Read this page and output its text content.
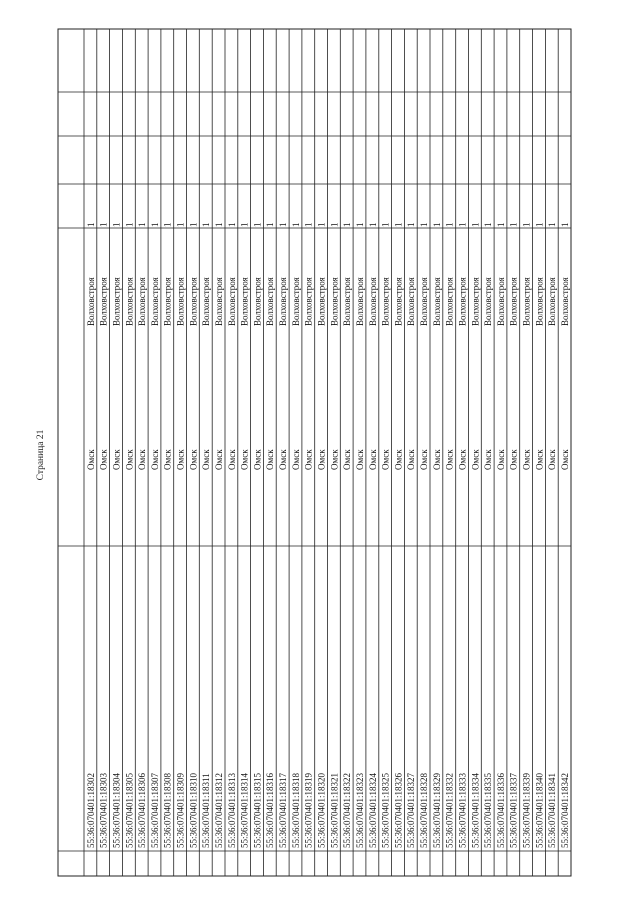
Страница 21
55:36:070401:18302
Омск
Волховстроя
1
55:36:070401:18303
Омск
Волховстроя
1
55:36:070401:18304
Омск
Волховстроя
1
55:36:070401:18305
Омск
Волховстроя
1
55:36:070401:18306
Омск
Волховстроя
1
55:36:070401:18307
Омск
Волховстроя
1
55:36:070401:18308
Омск
Волховстроя
1
55:36:070401:18309
Омск
Волховстроя
1
55:36:070401:18310
Омск
Волховстроя
1
55:36:070401:18311
Омск
Волховстроя
1
55:36:070401:18312
Омск
Волховстроя
1
55:36:070401:18313
Омск
Волховстроя
1
55:36:070401:18314
Омск
Волховстроя
1
55:36:070401:18315
Омск
Волховстроя
1
55:36:070401:18316
Омск
Волховстроя
1
55:36:070401:18317
Омск
Волховстроя
1
55:36:070401:18318
Омск
Волховстроя
1
55:36:070401:18319
Омск
Волховстроя
1
55:36:070401:18320
Омск
Волховстроя
1
55:36:070401:18321
Омск
Волховстроя
1
55:36:070401:18322
Омск
Волховстроя
1
55:36:070401:18323
Омск
Волховстроя
1
55:36:070401:18324
Омск
Волховстроя
1
55:36:070401:18325
Омск
Волховстроя
1
55:36:070401:18326
Омск
Волховстроя
1
55:36:070401:18327
Омск
Волховстроя
1
55:36:070401:18328
Омск
Волховстроя
1
55:36:070401:18329
Омск
Волховстроя
1
55:36:070401:18332
Омск
Волховстроя
1
55:36:070401:18333
Омск
Волховстроя
1
55:36:070401:18334
Омск
Волховстроя
1
55:36:070401:18335
Омск
Волховстроя
1
55:36:070401:18336
Омск
Волховстроя
1
55:36:070401:18337
Омск
Волховстроя
1
55:36:070401:18339
Омск
Волховстроя
1
55:36:070401:18340
Омск
Волховстроя
1
55:36:070401:18341
Омск
Волховстроя
1
55:36:070401:18342
Омск
Волховстроя
1
